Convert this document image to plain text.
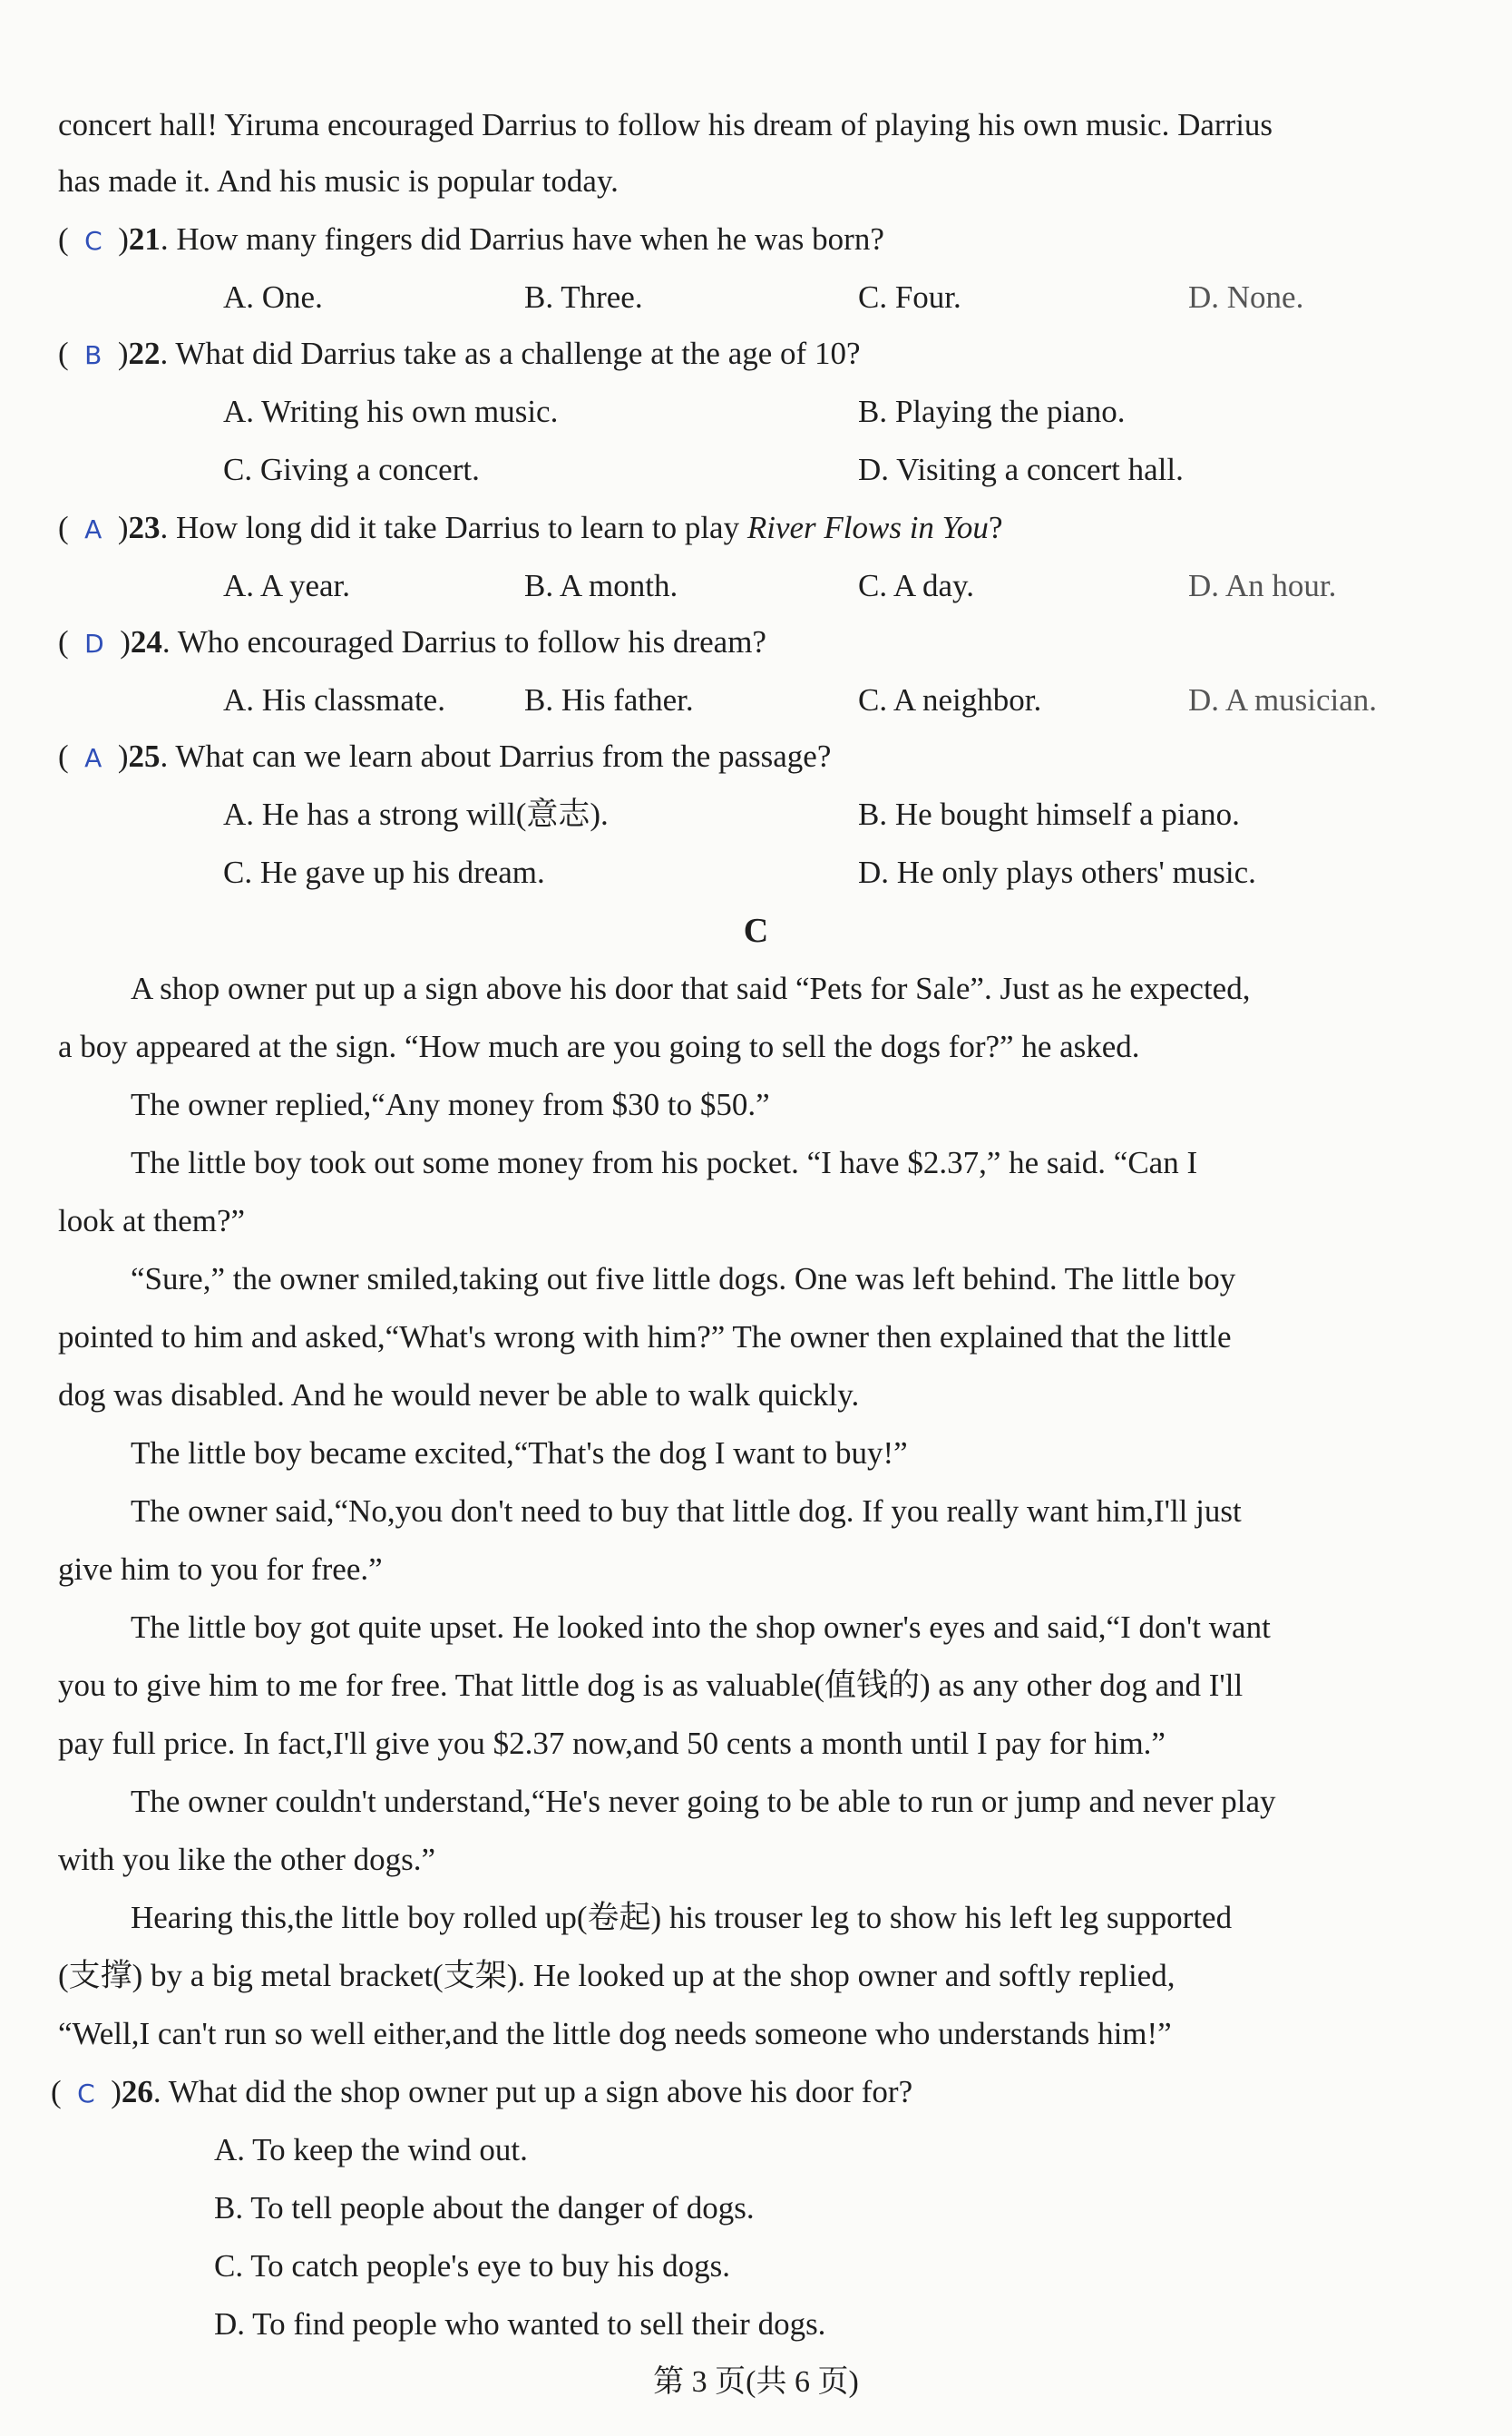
concert hall! Yiruma encouraged Darrius to follow his dream of playing his own music. Darrius
has made it. And his music is popular today.
(  C  )21. How many fingers did Darrius have when he was born?
A. One.	B. Three.	C. Four.	D. None.
(  B  )22. What did Darrius take as a challenge at the age of 10?
A. Writing his own music.	B. Playing the piano.
C. Giving a concert.	D. Visiting a concert hall.
(  A  )23. How long did it take Darrius to learn to play River Flows in You?
A. A year.	B. A month.	C. A day.	D. An hour.
(  D  )24. Who encouraged Darrius to follow his dream?
A. His classmate. B. His father.	C. A neighbor.	D. A musician.
(  A  )25. What can we learn about Darrius from the passage?
A. He has a strong will(意志).	B. He bought himself a piano.
C. He gave up his dream.	D. He only plays others' music.
C
A shop owner put up a sign above his door that said “Pets for Sale”. Just as he expected,
a boy appeared at the sign. “How much are you going to sell the dogs for?” he asked.
The owner replied,“Any money from $30 to $50.”
The little boy took out some money from his pocket. “I have $2.37,” he said. “Can I
look at them?”
“Sure,” the owner smiled,taking out five little dogs. One was left behind. The little boy
pointed to him and asked,“What's wrong with him?” The owner then explained that the little
dog was disabled. And he would never be able to walk quickly.
The little boy became excited,“That's the dog I want to buy!”
The owner said,“No,you don't need to buy that little dog. If you really want him,I'll just
give him to you for free.”
The little boy got quite upset. He looked into the shop owner's eyes and said,“I don't want
you to give him to me for free. That little dog is as valuable(值钱的) as any other dog and I'll
pay full price. In fact,I'll give you $2.37 now,and 50 cents a month until I pay for him.”
The owner couldn't understand,“He's never going to be able to run or jump and never play
with you like the other dogs.”
Hearing this,the little boy rolled up(卷起) his trouser leg to show his left leg supported
(支撑) by a big metal bracket(支架). He looked up at the shop owner and softly replied,
“Well,I can't run so well either,and the little dog needs someone who understands him!”
(  C  )26. What did the shop owner put up a sign above his door for?
A. To keep the wind out.
B. To tell people about the danger of dogs.
C. To catch people's eye to buy his dogs.
D. To find people who wanted to sell their dogs.
第 3 页(共 6 页)
